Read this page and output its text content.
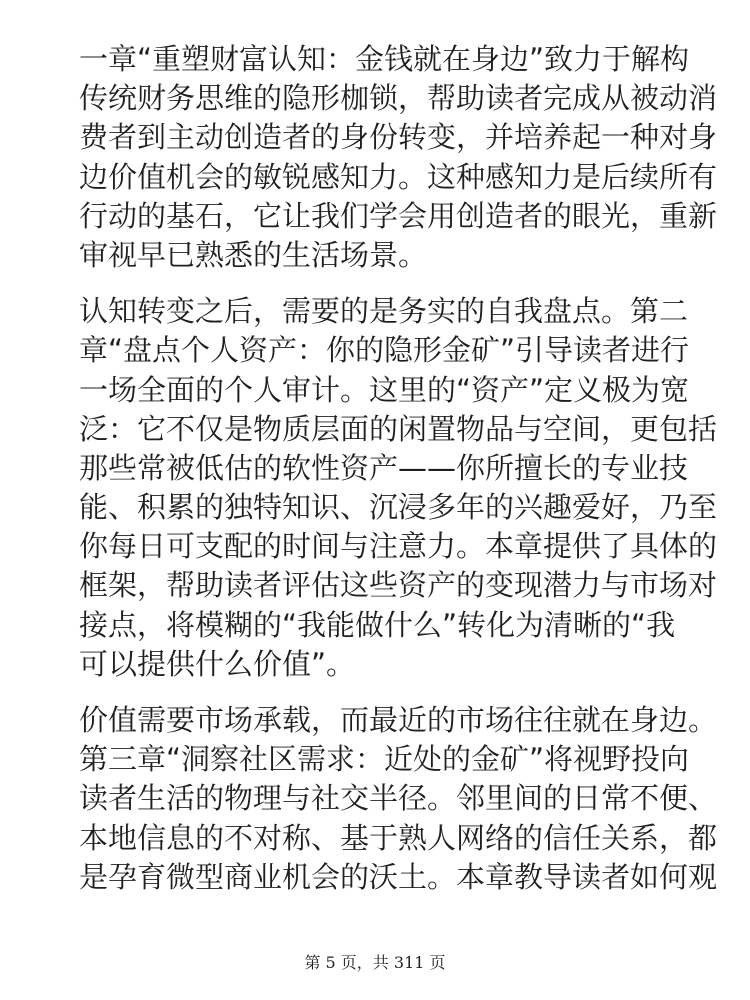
一章“重塑财富认知：金钱就在身边”致力于解构
传统财务思维的隐形枷锁，帮助读者完成从被动消
费者到主动创造者的身份转变，并培养起一种对身
边价值机会的敏锐感知力。这种感知力是后续所有
行动的基石，它让我们学会用创造者的眼光，重新
审视早已熟悉的生活场景。
认知转变之后，需要的是务实的自我盘点。第二
章“盘点个人资产：你的隐形金矿”引导读者进行
一场全面的个人审计。这里的“资产”定义极为宽
泛：它不仅是物质层面的闲置物品与空间，更包括
那些常被低估的软性资产——你所擅长的专业技
能、积累的独特知识、沉浸多年的兴趣爱好，乃至
你每日可支配的时间与注意力。本章提供了具体的
框架，帮助读者评估这些资产的变现潜力与市场对
接点，将模糊的“我能做什么”转化为清晰的“我
可以提供什么价值”。
价值需要市场承载，而最近的市场往往就在身边。
第三章“洞察社区需求：近处的金矿”将视野投向
读者生活的物理与社交半径。邻里间的日常不便、
本地信息的不对称、基于熟人网络的信任关系，都
是孕育微型商业机会的沃土。本章教导读者如何观
第 5 页，共 311 页
